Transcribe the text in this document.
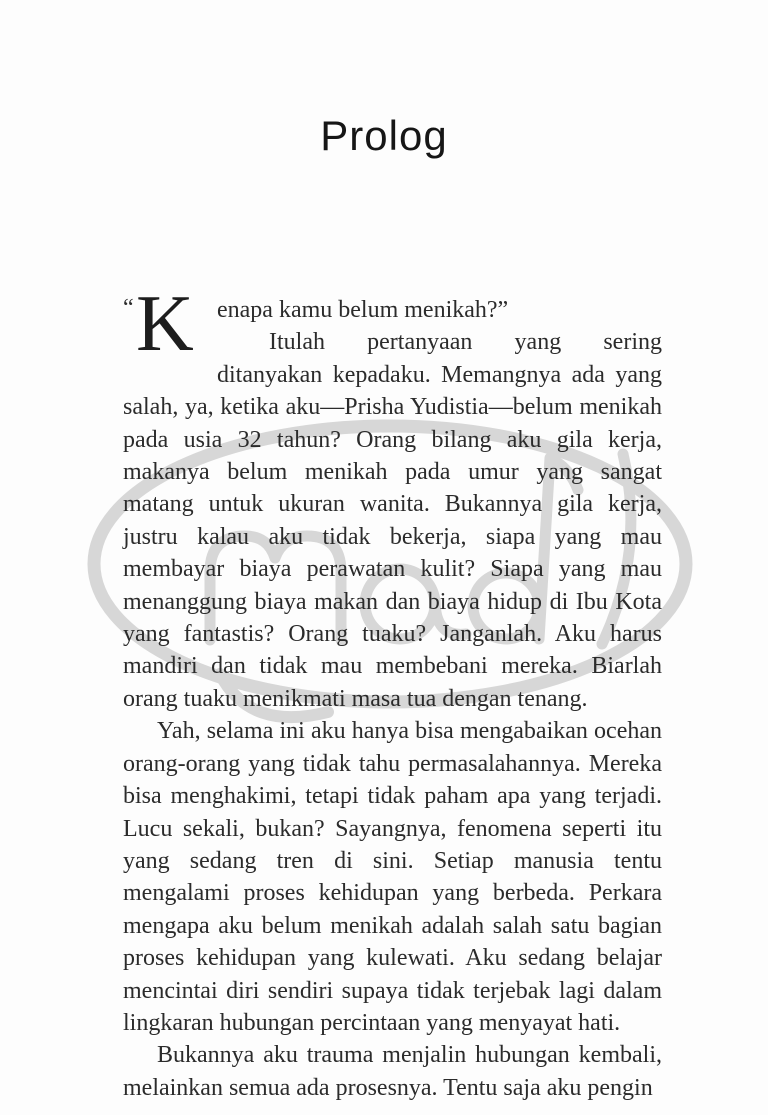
Prolog

“ K enapa kamu belum menikah?”
Itulah pertanyaan yang sering ditanyakan kepadaku. Memangnya ada yang salah, ya, ketika aku—Prisha Yudistia—belum menikah pada usia 32 tahun? Orang bilang aku gila kerja, makanya belum menikah pada umur yang sangat matang untuk ukuran wanita. Bukannya gila kerja, justru kalau aku tidak bekerja, siapa yang mau membayar biaya perawatan kulit? Siapa yang mau menanggung biaya makan dan biaya hidup di Ibu Kota yang fantastis? Orang tuaku? Janganlah. Aku harus mandiri dan tidak mau membebani mereka. Biarlah orang tuaku menikmati masa tua dengan tenang.

Yah, selama ini aku hanya bisa mengabaikan ocehan orang-orang yang tidak tahu permasalahannya. Mereka bisa menghakimi, tetapi tidak paham apa yang terjadi. Lucu sekali, bukan? Sayangnya, fenomena seperti itu yang sedang tren di sini. Setiap manusia tentu mengalami proses kehidupan yang berbeda. Perkara mengapa aku belum menikah adalah salah satu bagian proses kehidupan yang kulewati. Aku sedang belajar mencintai diri sendiri supaya tidak terjebak lagi dalam lingkaran hubungan percintaan yang menyayat hati.

Bukannya aku trauma menjalin hubungan kembali, melainkan semua ada prosesnya. Tentu saja aku pengin
